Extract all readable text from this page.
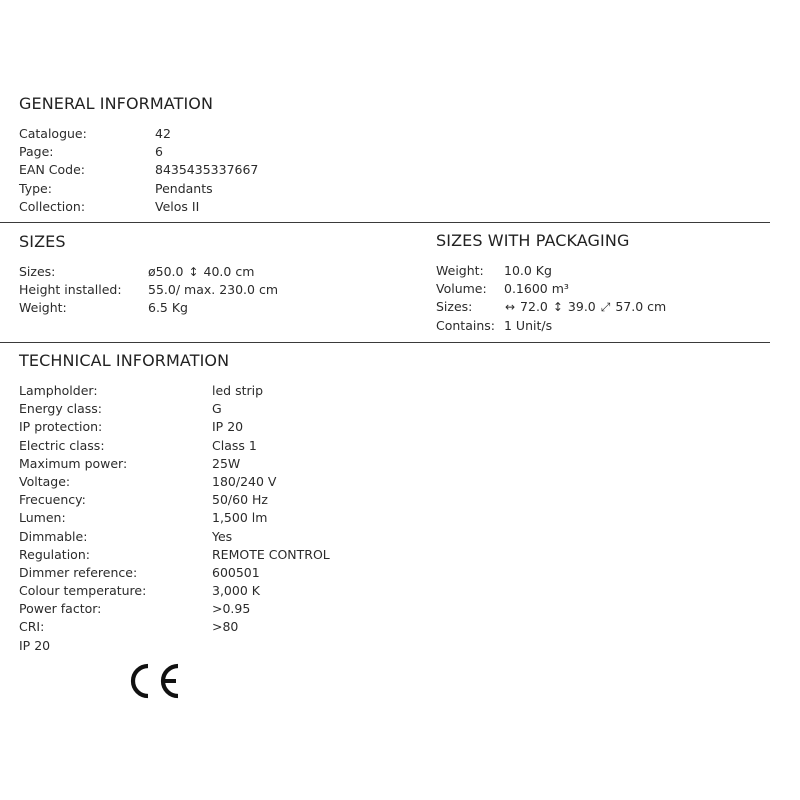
GENERAL INFORMATION
Catalogue:	42
Page:	6
EAN Code:	8435435337667
Type:	Pendants
Collection:	Velos II
SIZES
Sizes:	ø50.0 ↕ 40.0 cm
Height installed:	55.0/ max. 230.0 cm
Weight:	6.5 Kg
SIZES WITH PACKAGING
Weight:	10.0 Kg
Volume:	0.1600 m³
Sizes:	↔ 72.0 ↕ 39.0 ⤢ 57.0 cm
Contains: 1 Unit/s
TECHNICAL INFORMATION
Lampholder:	led strip
Energy class:	G
IP protection:	IP 20
Electric class:	Class 1
Maximum power:	25W
Voltage:	180/240 V
Frecuency:	50/60 Hz
Lumen:	1,500 lm
Dimmable:	Yes
Regulation:	REMOTE CONTROL
Dimmer reference:	600501
Colour temperature:	3,000 K
Power factor:	>0.95
CRI:	>80
IP 20
